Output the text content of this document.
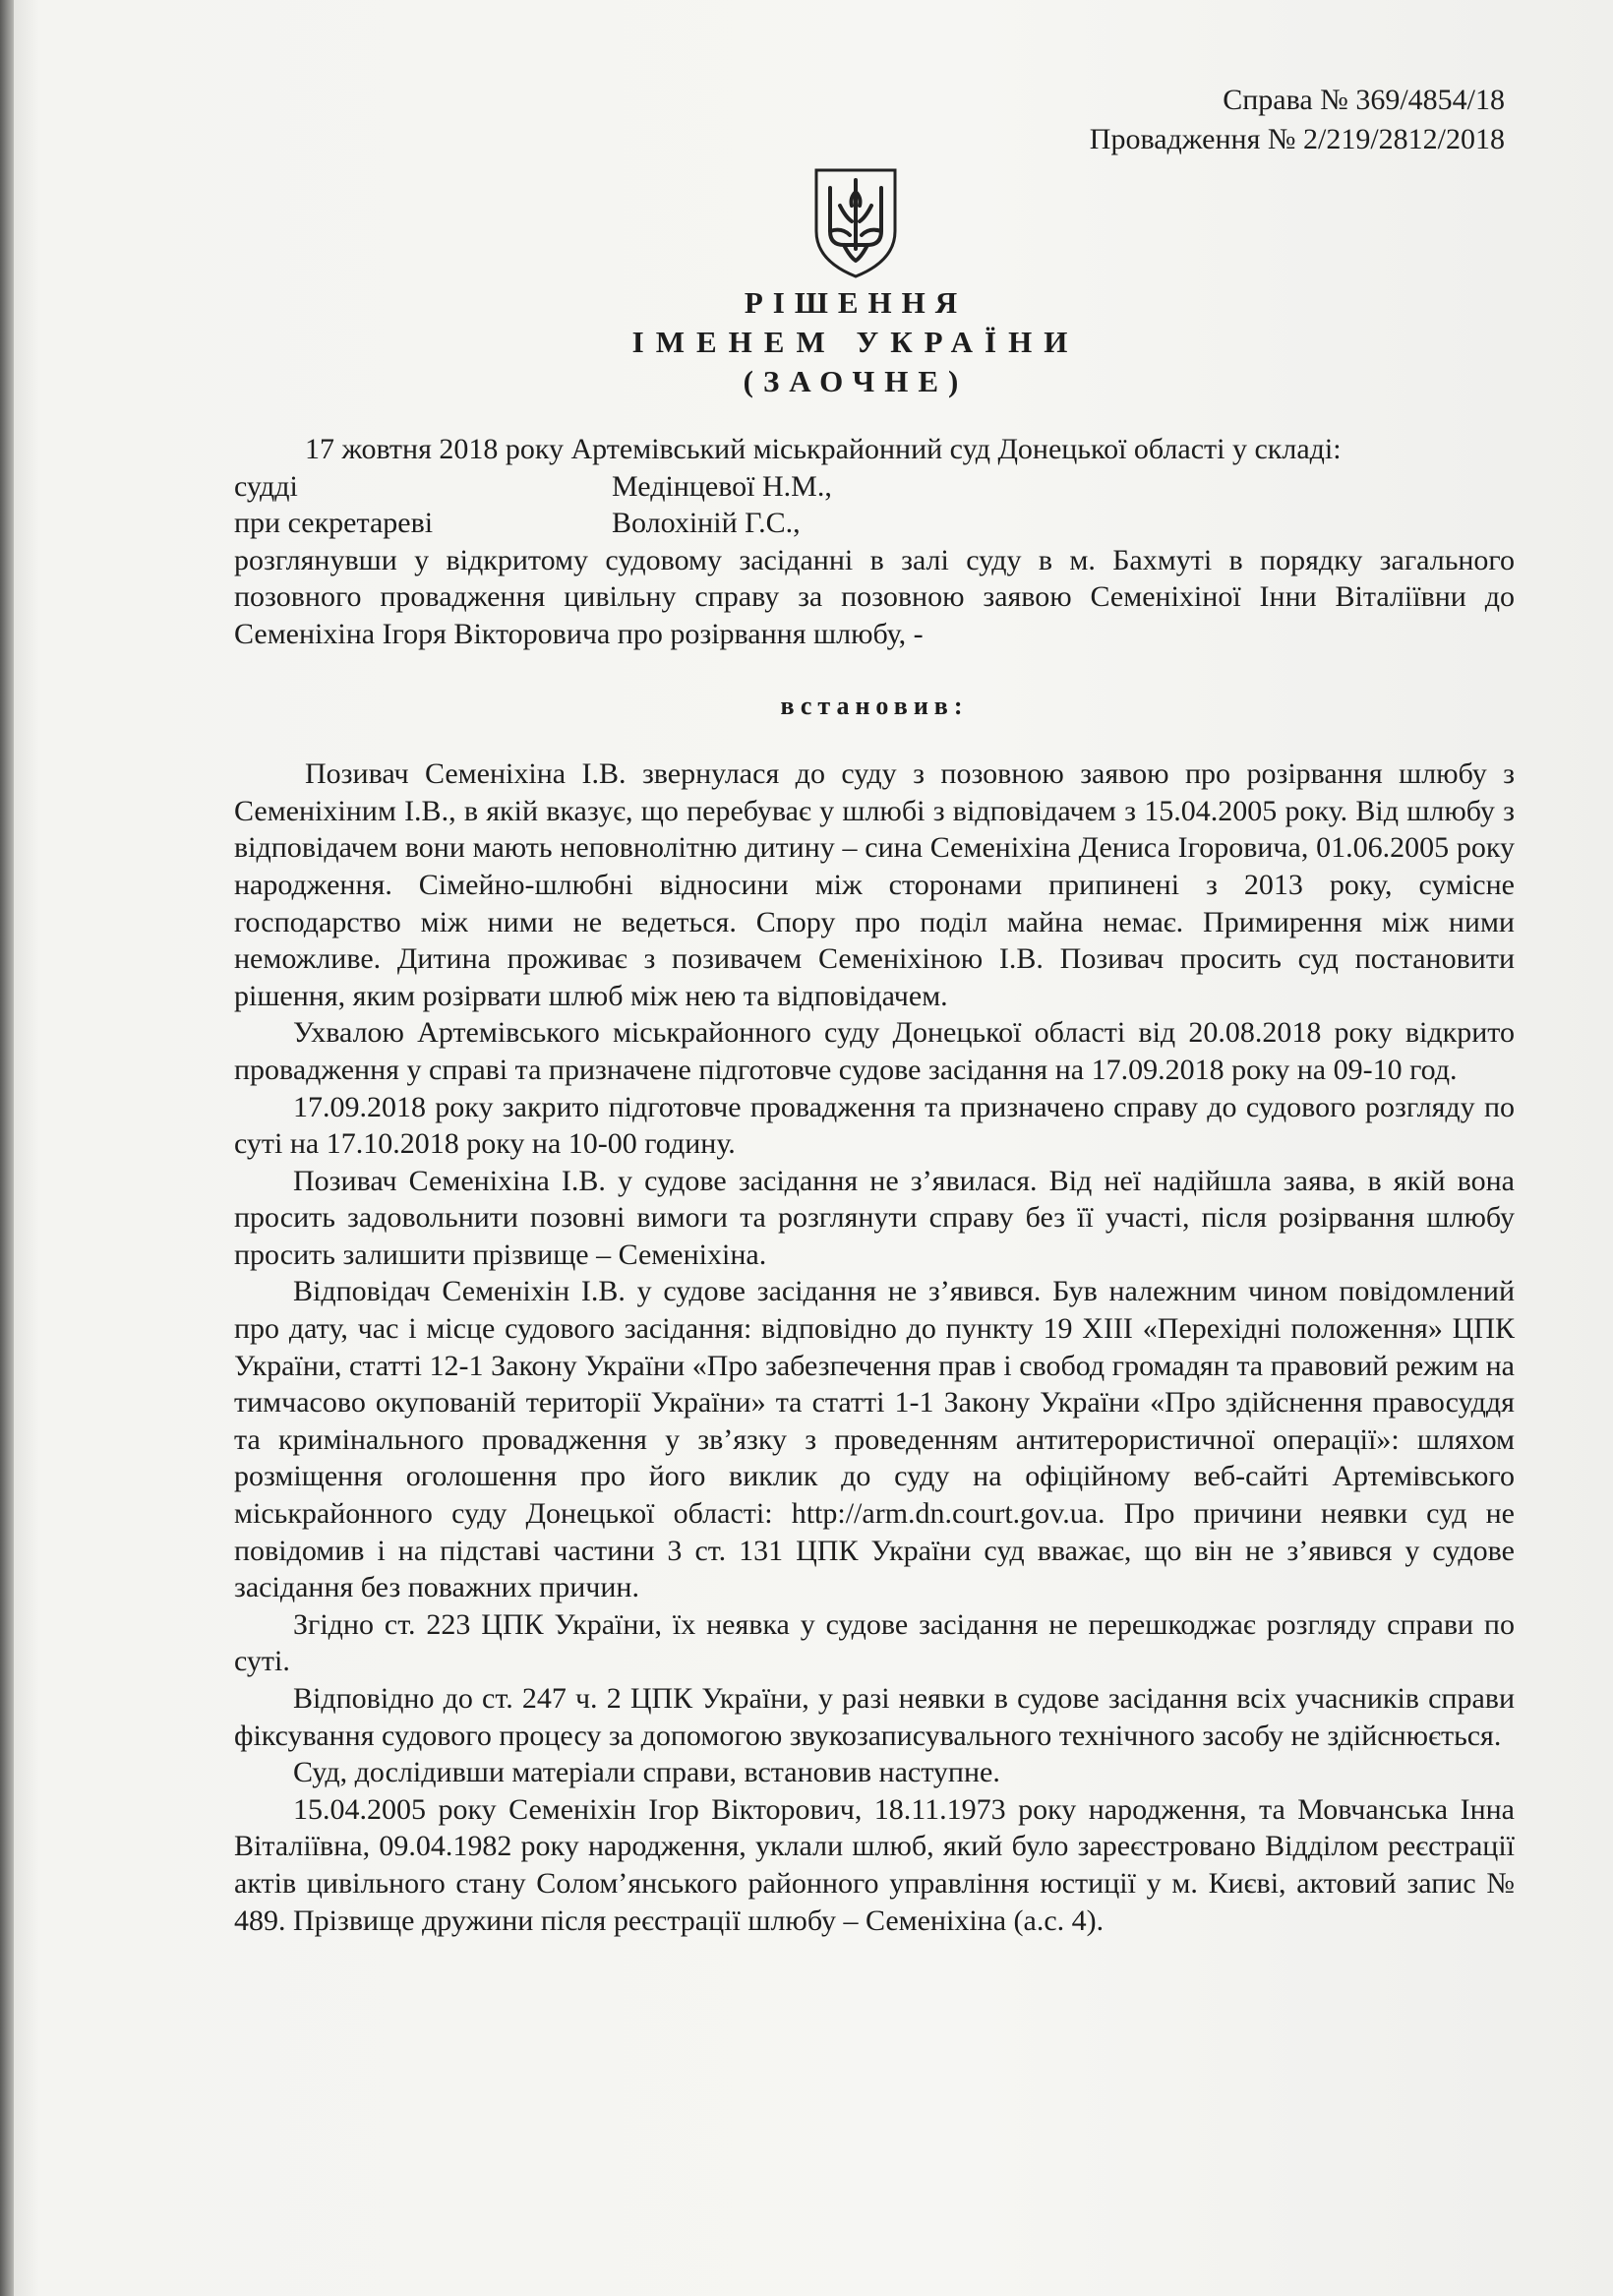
Справа № 369/4854/18
Провадження № 2/219/2812/2018
РІШЕННЯ
ІМЕНЕМ УКРАЇНИ
(ЗАОЧНЕ)

17 жовтня 2018 року Артемівський міськрайонний суд Донецької області у складі:

судді	Медінцевої Н.М.,
при секретареві	Волохіній Г.С.,

розглянувши у відкритому судовому засіданні в залі суду в м. Бахмуті в порядку загального позовного провадження цивільну справу за позовною заявою Семеніхіної Інни Віталіївни до Семеніхіна Ігоря Вікторовича про розірвання шлюбу, -

встановив:

Позивач Семеніхіна І.В. звернулася до суду з позовною заявою про розірвання шлюбу з Семеніхіним І.В., в якій вказує, що перебуває у шлюбі з відповідачем з 15.04.2005 року. Від шлюбу з відповідачем вони мають неповнолітню дитину – сина Семеніхіна Дениса Ігоровича, 01.06.2005 року народження. Сімейно-шлюбні відносини між сторонами припинені з 2013 року, сумісне господарство між ними не ведеться. Спору про поділ майна немає. Примирення між ними неможливе. Дитина проживає з позивачем Семеніхіною І.В. Позивач просить суд постановити рішення, яким розірвати шлюб між нею та відповідачем.

Ухвалою Артемівського міськрайонного суду Донецької області від 20.08.2018 року відкрито провадження у справі та призначене підготовче судове засідання на 17.09.2018 року на 09-10 год.

17.09.2018 року закрито підготовче провадження та призначено справу до судового розгляду по суті на 17.10.2018 року на 10-00 годину.

Позивач Семеніхіна І.В. у судове засідання не з’явилася. Від неї надійшла заява, в якій вона просить задовольнити позовні вимоги та розглянути справу без її участі, після розірвання шлюбу просить залишити прізвище – Семеніхіна.

Відповідач Семеніхін І.В. у судове засідання не з’явився. Був належним чином повідомлений про дату, час і місце судового засідання: відповідно до пункту 19 XIII «Перехідні положення» ЦПК України, статті 12-1 Закону України «Про забезпечення прав і свобод громадян та правовий режим на тимчасово окупованій території України» та статті 1-1 Закону України «Про здійснення правосуддя та кримінального провадження у зв’язку з проведенням антитерористичної операції»: шляхом розміщення оголошення про його виклик до суду на офіційному веб-сайті Артемівського міськрайонного суду Донецької області: http://arm.dn.court.gov.ua. Про причини неявки суд не повідомив і на підставі частини 3 ст. 131 ЦПК України суд вважає, що він не з’явився у судове засідання без поважних причин.

Згідно ст. 223 ЦПК України, їх неявка у судове засідання не перешкоджає розгляду справи по суті.

Відповідно до ст. 247 ч. 2 ЦПК України, у разі неявки в судове засідання всіх учасників справи фіксування судового процесу за допомогою звукозаписувального технічного засобу не здійснюється.

Суд, дослідивши матеріали справи, встановив наступне.

15.04.2005 року Семеніхін Ігор Вікторович, 18.11.1973 року народження, та Мовчанська Інна Віталіївна, 09.04.1982 року народження, уклали шлюб, який було зареєстровано Відділом реєстрації актів цивільного стану Солом’янського районного управління юстиції у м. Києві, актовий запис № 489. Прізвище дружини після реєстрації шлюбу – Семеніхіна (а.с. 4).
